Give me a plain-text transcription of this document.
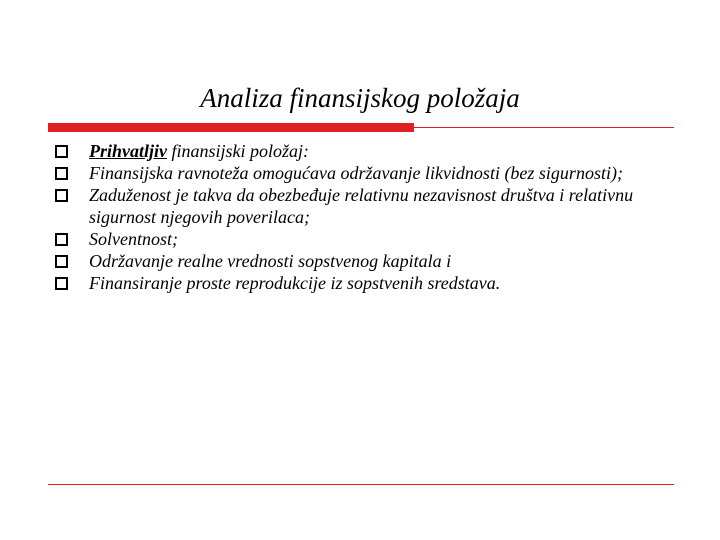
Analiza finansijskog položaja
Prihvatljiv finansijski položaj:
Finansijska ravnoteža omogućava održavanje likvidnosti (bez sigurnosti);
Zaduženost je takva da obezbeđuje relativnu nezavisnost društva i relativnu sigurnost njegovih poverilaca;
Solventnost;
Održavanje realne vrednosti sopstvenog kapitala i
Finansiranje proste reprodukcije iz sopstvenih sredstava.
